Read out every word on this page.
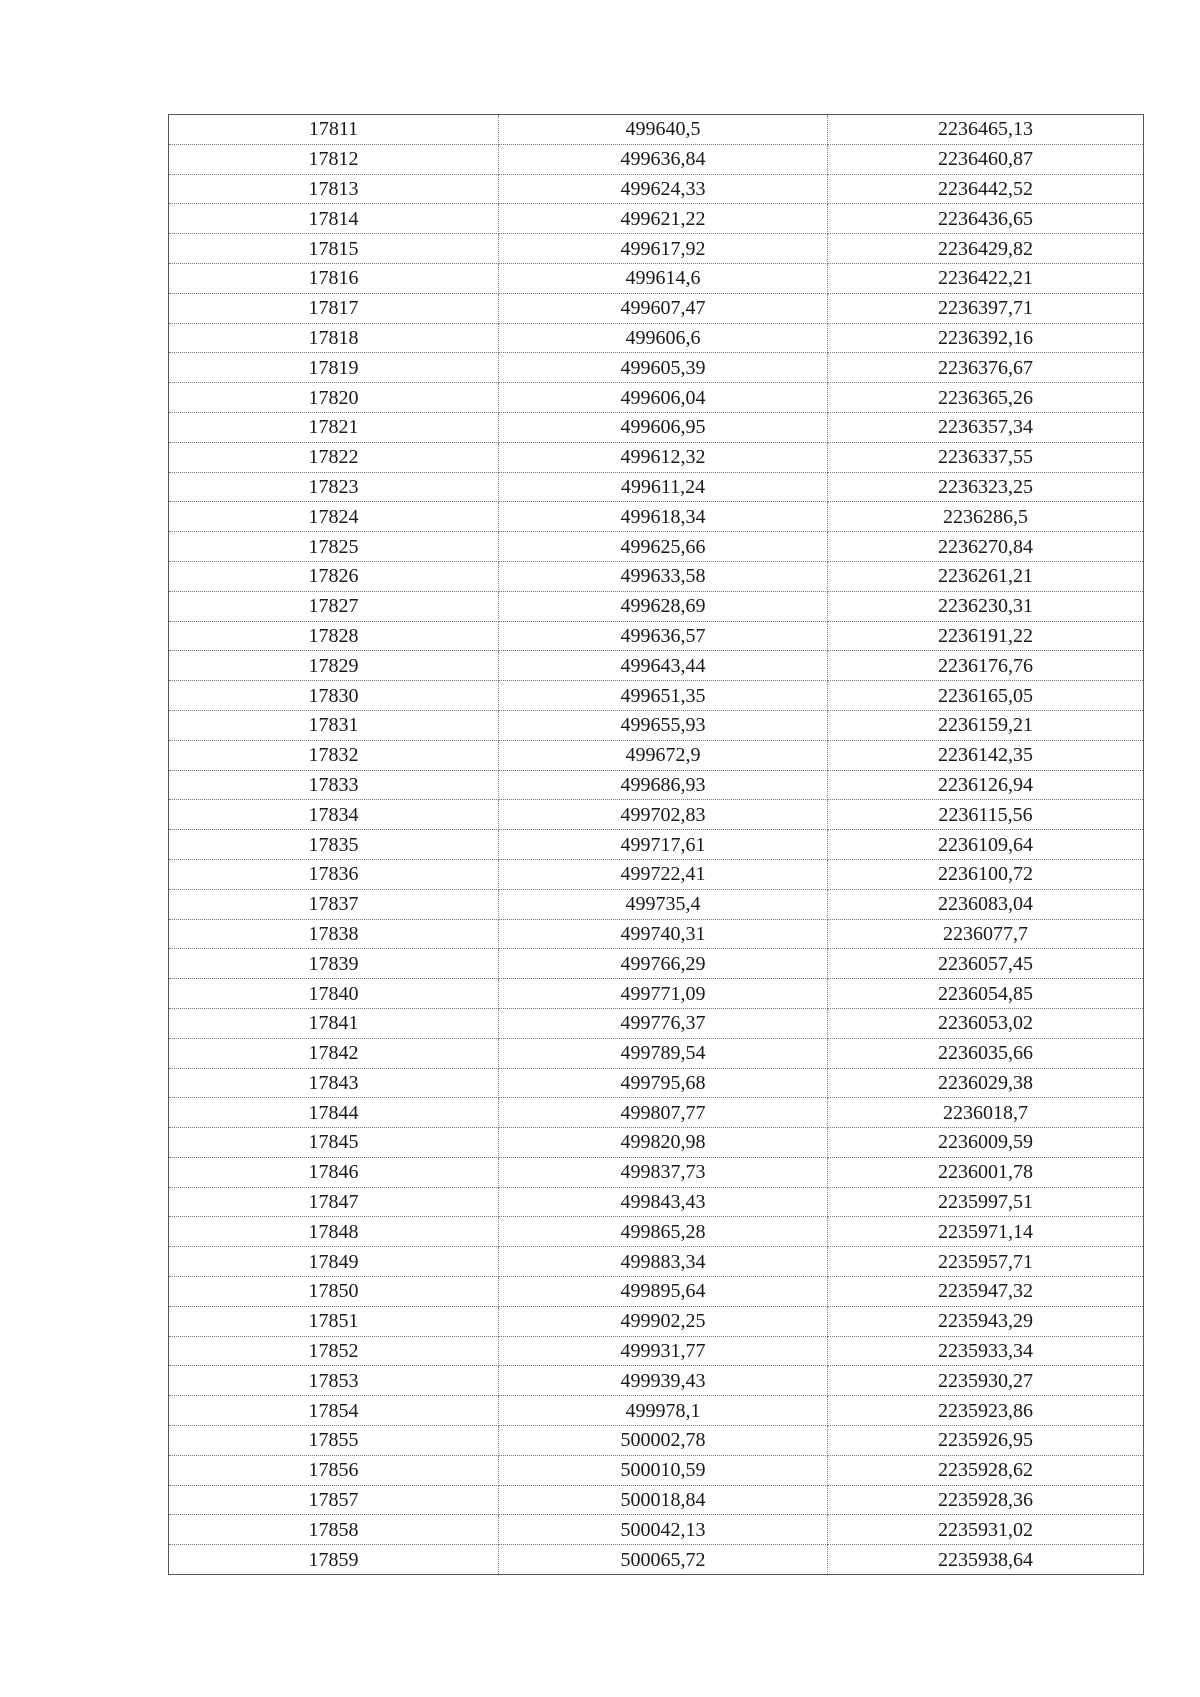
17811	499640,5	2236465,13
17812	499636,84	2236460,87
17813	499624,33	2236442,52
17814	499621,22	2236436,65
17815	499617,92	2236429,82
17816	499614,6	2236422,21
17817	499607,47	2236397,71
17818	499606,6	2236392,16
17819	499605,39	2236376,67
17820	499606,04	2236365,26
17821	499606,95	2236357,34
17822	499612,32	2236337,55
17823	499611,24	2236323,25
17824	499618,34	2236286,5
17825	499625,66	2236270,84
17826	499633,58	2236261,21
17827	499628,69	2236230,31
17828	499636,57	2236191,22
17829	499643,44	2236176,76
17830	499651,35	2236165,05
17831	499655,93	2236159,21
17832	499672,9	2236142,35
17833	499686,93	2236126,94
17834	499702,83	2236115,56
17835	499717,61	2236109,64
17836	499722,41	2236100,72
17837	499735,4	2236083,04
17838	499740,31	2236077,7
17839	499766,29	2236057,45
17840	499771,09	2236054,85
17841	499776,37	2236053,02
17842	499789,54	2236035,66
17843	499795,68	2236029,38
17844	499807,77	2236018,7
17845	499820,98	2236009,59
17846	499837,73	2236001,78
17847	499843,43	2235997,51
17848	499865,28	2235971,14
17849	499883,34	2235957,71
17850	499895,64	2235947,32
17851	499902,25	2235943,29
17852	499931,77	2235933,34
17853	499939,43	2235930,27
17854	499978,1	2235923,86
17855	500002,78	2235926,95
17856	500010,59	2235928,62
17857	500018,84	2235928,36
17858	500042,13	2235931,02
17859	500065,72	2235938,64
